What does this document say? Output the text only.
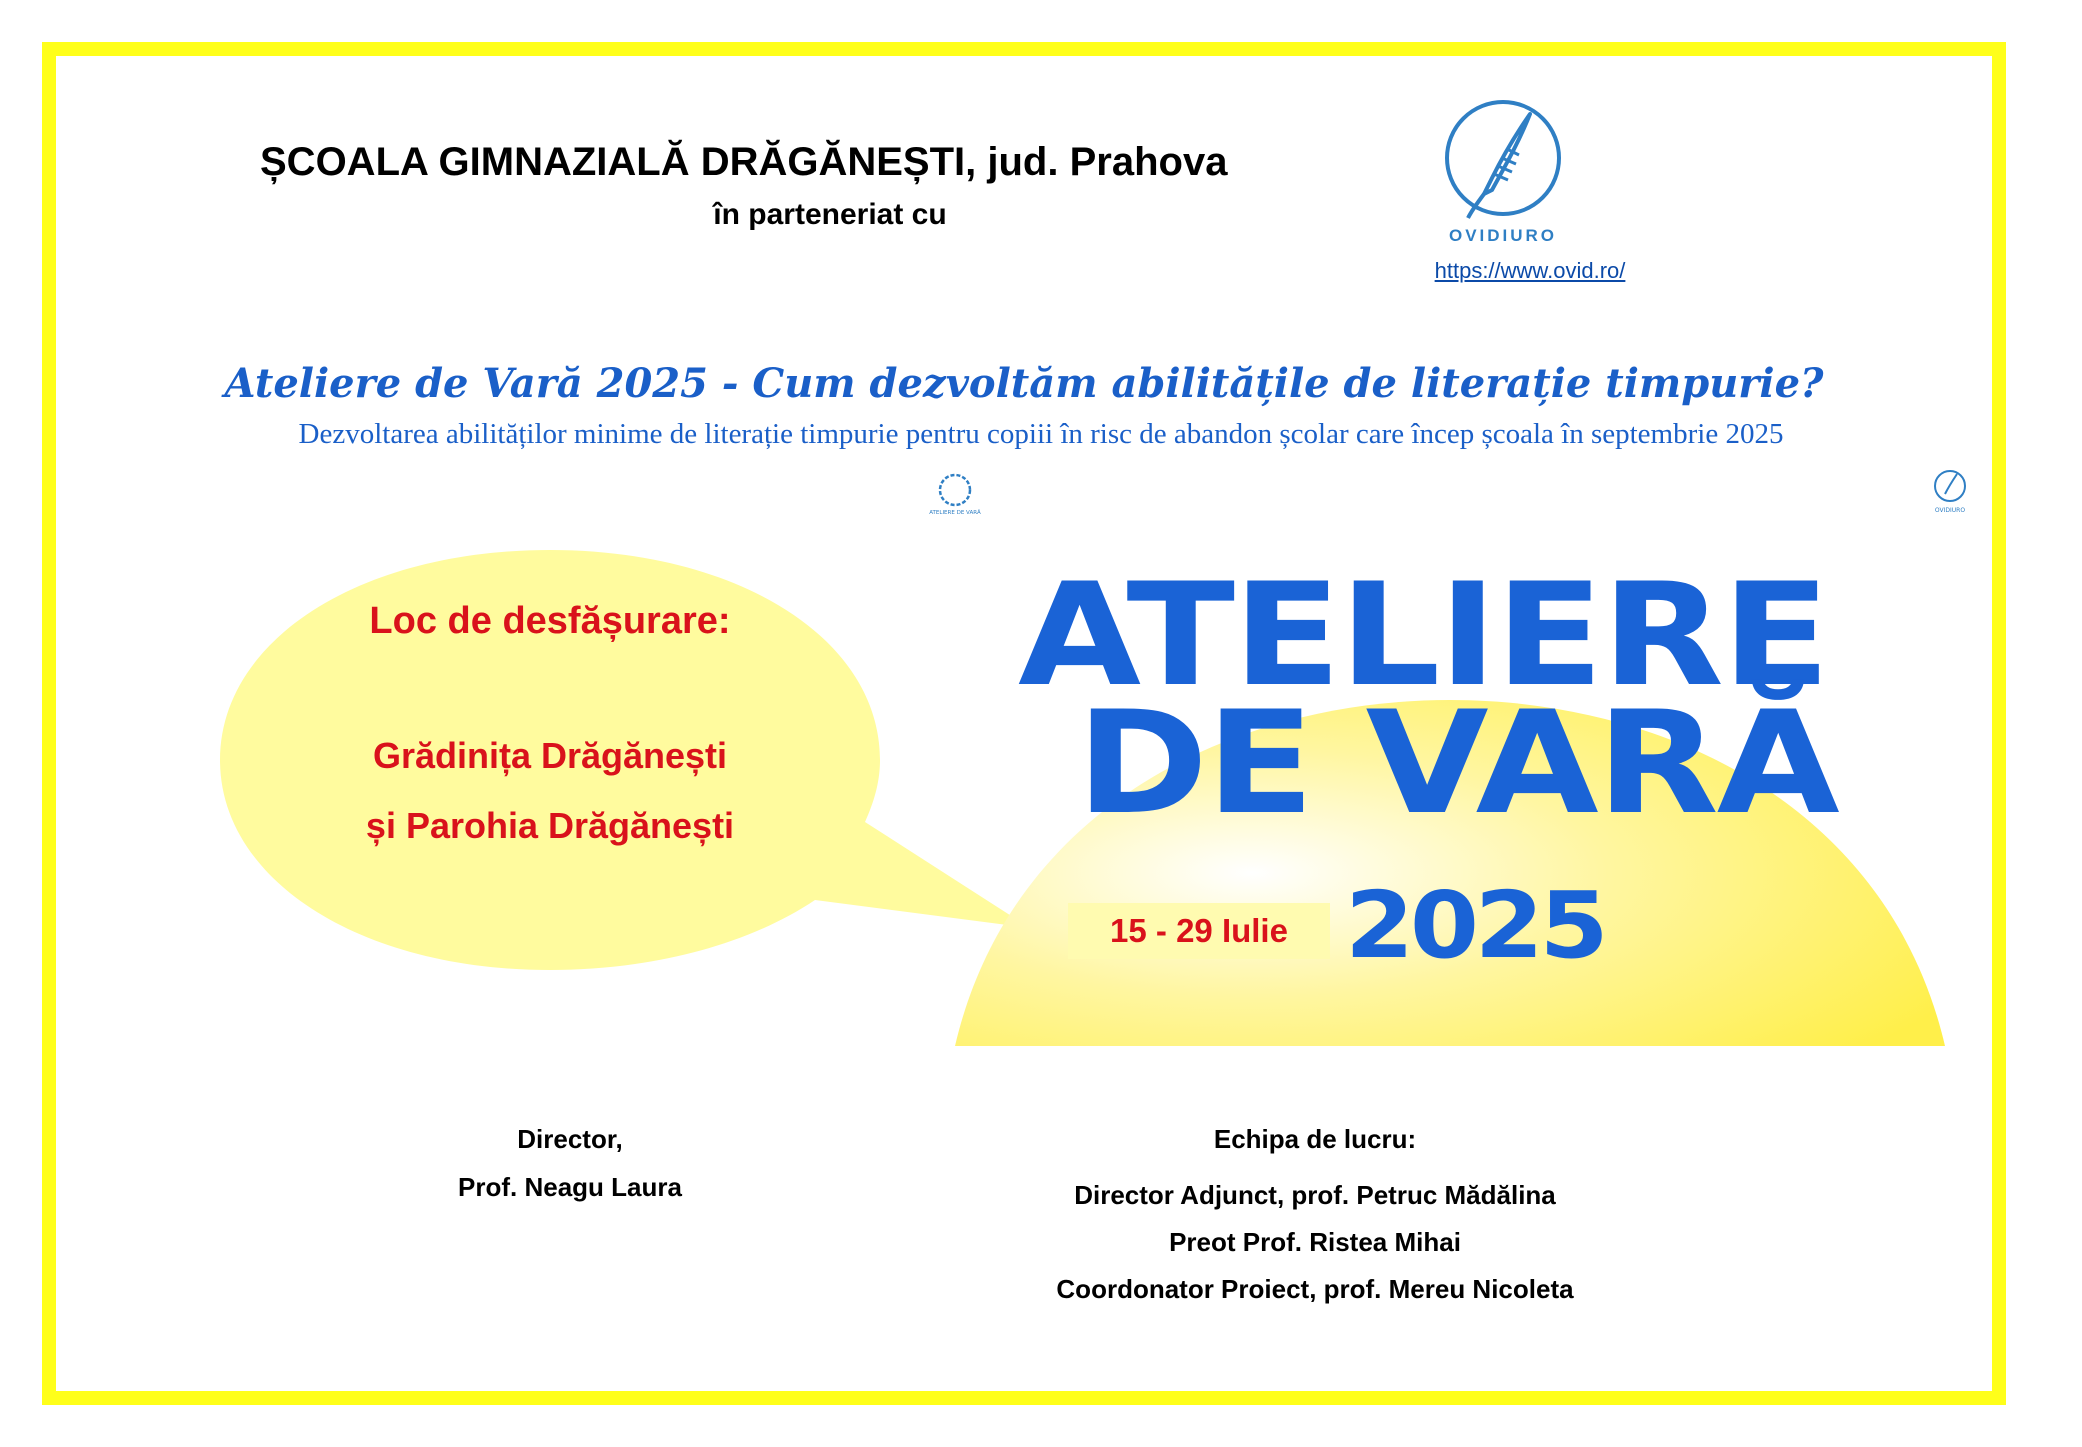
ȘCOALA GIMNAZIALĂ DRĂGĂNEȘTI, jud. Prahova
în parteneriat cu
OVIDIURO
https://www.ovid.ro/
Ateliere de Vară 2025 - Cum dezvoltăm abilitățile de literație timpurie?
Dezvoltarea abilităților minime de literație timpurie pentru copiii în risc de abandon școlar care încep școala în septembrie 2025
ATELIERE DE VARĂ	OVIDIURO
Loc de desfășurare:
Grădinița Drăgănești
și Parohia Drăgănești
ATELIERE
DE VARĂ
15 - 29 Iulie 2025
Director,
Prof. Neagu Laura
Echipa de lucru:
Director Adjunct, prof. Petruc Mădălina
Preot Prof. Ristea Mihai
Coordonator Proiect, prof. Mereu Nicoleta
